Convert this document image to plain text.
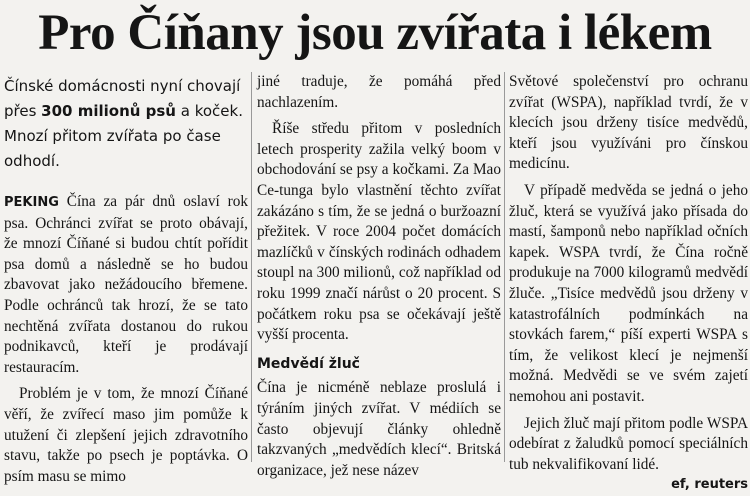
Pro Číňany jsou zvířata i lékem
Čínské domácnosti nyní chovají přes 300 milionů psů a koček. Mnozí přitom zvířata po čase odhodí.

PEKING Čína za pár dnů oslaví rok psa. Ochránci zvířat se proto obávají, že mnozí Číňané si budou chtít pořídit psa domů a následně se ho budou zbavovat jako nežádoucího břemene. Podle ochránců tak hrozí, že se tato nechtěná zvířata dostanou do rukou podnikavců, kteří je prodávají restauracím.

Problém je v tom, že mnozí Číňané věří, že zvířecí maso jim pomůže k utužení či zlepšení jejich zdravotního stavu, takže po psech je poptávka. O psím masu se mimo

jiné traduje, že pomáhá před nachlazením.

Říše středu přitom v posledních letech prosperity zažila velký boom v obchodování se psy a kočkami. Za Mao Ce-tunga bylo vlastnění těchto zvířat zakázáno s tím, že se jedná o buržoazní přežitek. V roce 2004 počet domácích mazlíčků v čínských rodinách odhadem stoupl na 300 milionů, což například od roku 1999 značí nárůst o 20 procent. S počátkem roku psa se očekávají ještě vyšší procenta.

Medvědí žluč

Čína je nicméně neblaze proslulá i týráním jiných zvířat. V médiích se často objevují články ohledně takzvaných „medvědích klecí“. Britská organizace, jež nese název

Světové společenství pro ochranu zvířat (WSPA), například tvrdí, že v klecích jsou drženy tisíce medvědů, kteří jsou využíváni pro čínskou medicínu.

V případě medvěda se jedná o jeho žluč, která se využívá jako přísada do mastí, šamponů nebo například očních kapek. WSPA tvrdí, že Čína ročně produkuje na 7000 kilogramů medvědí žluče. „Tisíce medvědů jsou drženy v katastrofálních podmínkách na stovkách farem,“ píší experti WSPA s tím, že velikost klecí je nejmenší možná. Medvědi se ve svém zajetí nemohou ani postavit.

Jejich žluč mají přitom podle WSPA odebírat z žaludků pomocí speciálních tub nekvalifikovaní lidé.
ef, reuters
